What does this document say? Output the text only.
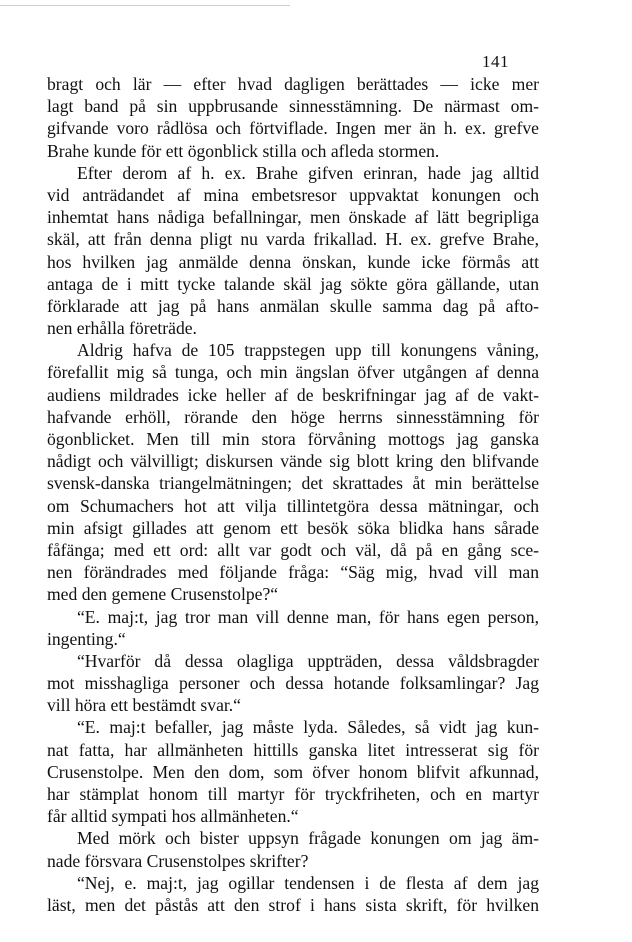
141
bragt och lär — efter hvad dagligen berättades — icke mer
lagt band på sin uppbrusande sinnesstämning. De närmast om-
gifvande voro rådlösa och förtviflade. Ingen mer än h. ex. grefve
Brahe kunde för ett ögonblick stilla och afleda stormen.
Efter derom af h. ex. Brahe gifven erinran, hade jag alltid
vid anträdandet af mina embetsresor uppvaktat konungen och
inhemtat hans nådiga befallningar, men önskade af lätt begripliga
skäl, att från denna pligt nu varda frikallad. H. ex. grefve Brahe,
hos hvilken jag anmälde denna önskan, kunde icke förmås att
antaga de i mitt tycke talande skäl jag sökte göra gällande, utan
förklarade att jag på hans anmälan skulle samma dag på afto-
nen erhålla företräde.
Aldrig hafva de 105 trappstegen upp till konungens våning,
förefallit mig så tunga, och min ängslan öfver utgången af denna
audiens mildrades icke heller af de beskrifningar jag af de vakt-
hafvande erhöll, rörande den höge herrns sinnesstämning för
ögonblicket. Men till min stora förvåning mottogs jag ganska
nådigt och välvilligt; diskursen vände sig blott kring den blifvande
svensk-danska triangelmätningen; det skrattades åt min berättelse
om Schumachers hot att vilja tillintetgöra dessa mätningar, och
min afsigt gillades att genom ett besök söka blidka hans sårade
fåfänga; med ett ord: allt var godt och väl, då på en gång sce-
nen förändrades med följande fråga: “Säg mig, hvad vill man
med den gemene Crusenstolpe?“
“E. maj:t, jag tror man vill denne man, för hans egen person,
ingenting.“
“Hvarför då dessa olagliga uppträden, dessa våldsbragder
mot misshagliga personer och dessa hotande folksamlingar? Jag
vill höra ett bestämdt svar.“
“E. maj:t befaller, jag måste lyda. Således, så vidt jag kun-
nat fatta, har allmänheten hittills ganska litet intresserat sig för
Crusenstolpe. Men den dom, som öfver honom blifvit afkunnad,
har stämplat honom till martyr för tryckfriheten, och en martyr
får alltid sympati hos allmänheten.“
Med mörk och bister uppsyn frågade konungen om jag äm-
nade försvara Crusenstolpes skrifter?
“Nej, e. maj:t, jag ogillar tendensen i de flesta af dem jag
läst, men det påstås att den strof i hans sista skrift, för hvilken
